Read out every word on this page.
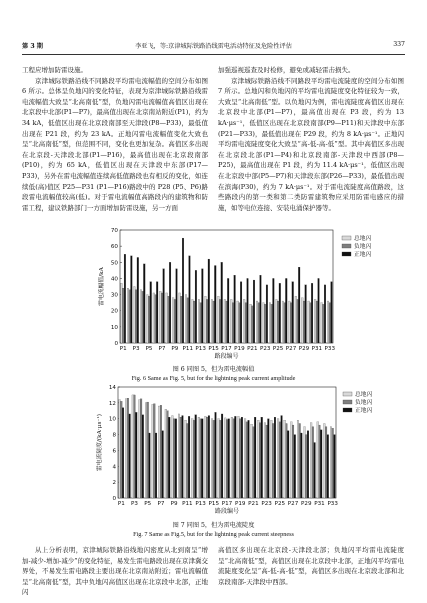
第 3 期	李亚飞，等:京津城际铁路沿线雷电活动特征及危险性评估	337

工程应增加防雷设施。

京津城际铁路沿线不同路段平均雷电流幅值的空间分布如图 6 所示。总体呈负地闪的变化特征，表现为京津城际铁路沿线雷电流幅值大致呈“北高南低”型，负地闪雷电流幅值高值区出现在北京段中北部(P1—P7)，最高值出现在北京南站附近(P1)，约为 34 kA，低值区出现在北京段南部至天津段(P8—P33)，最低值出现在 P21 段，约为 23 kA。正地闪雷电流幅值变化大致也呈“北高南低”型，但范围不同，变化也更加复杂。高值区多出现在北京段-天津段北部(P1—P16)，最高值出现在北京段南部(P10)，约为 65 kA，低值区出现在天津段中东部(P17—P33)，另外在雷电流幅值连续高低值路段也有相反的变化，如连续低(高)值区 P25—P31 (P1—P16)路段中的 P28 (P5、P6)路段雷电流幅值较高(低)。对于雷电流幅值高路段内的建筑物和防雷工程，建议铁路部门一方面增加防雷设施，另一方面

加强巡视巡查及时检修，避免或减轻雷击损失。

京津城际铁路沿线不同路段平均雷电流陡度的空间分布如图 7 所示。总地闪和负地闪的平均雷电流陡度变化特征较为一致，大致呈“北高南低”型。以负地闪为例，雷电流陡度高值区出现在北京段中北部(P1—P7)，最高值出现在 P3 段，约为 13 kA·μs⁻¹，低值区出现在北京段南部(P9—P11)和天津段中东部(P21—P33)，最低值出现在 P29 段，约为 8 kA·μs⁻¹。正地闪平均雷电流陡度变化大致呈“高-低-高-低”型。其中高值区多出现在北京段北部(P1—P4)和北京段南部-天津段中西部(P8—P25)，最高值出现在 P1 段，约为 11.4 kA·μs⁻¹，低值区出现在北京段中部(P5—P7)和天津段东部(P26—P33)，最低值出现在滨海(P30)，约为 7 kA·μs⁻¹。对于雷电流陡度高值路段，这些路段内的第一类和第二类防雷建筑物应采用防雷电感应的措施，如等电位连接、安装电涌保护器等。

0
10
20
30
40
50
60
70
P1 P3 P5 P7 P9 P11 P13 P15 P17 P19 P21 P23 P25 P27 P29 P31 P33
路段编号
雷电流幅值/kA
总地闪
负地闪
正地闪
0
2
4
6
8
10
12
14
P1 P3 P5 P7 P9 P11 P13 P15 P17 P19 P21 P23 P25 P27 P29 P31 P33
路段编号
雷电流陡度/(kA·μs⁻¹)
总地闪
负地闪
正地闪
图 6 同图 5，但为雷电流幅值
Fig. 6 Same as Fig. 5, but for the lightning peak current amplitude
图 7 同图 5，但为雷电流陡度
Fig. 7 Same as Fig.5, but for the lightning peak current steepness

从上分析表明，京津城际铁路沿线地闪密度从北到南呈“增加-减少-增加-减少”的变化特征，易发生雷电路段出现在京津冀交界处，不易发生雷电路段主要出现在北京南站附近；雷电流幅值呈“北高南低”型，其中负地闪高值区出现在北京段中北部，正地闪

高值区多出现在北京段-天津段北部；负地闪平均雷电流陡度呈“北高南低”型，高值区出现在北京段中北部，正地闪平均雷电流陡度变化呈“高-低-高-低”型，高值区多出现在北京段北部和北京段南部-天津段中西部。
